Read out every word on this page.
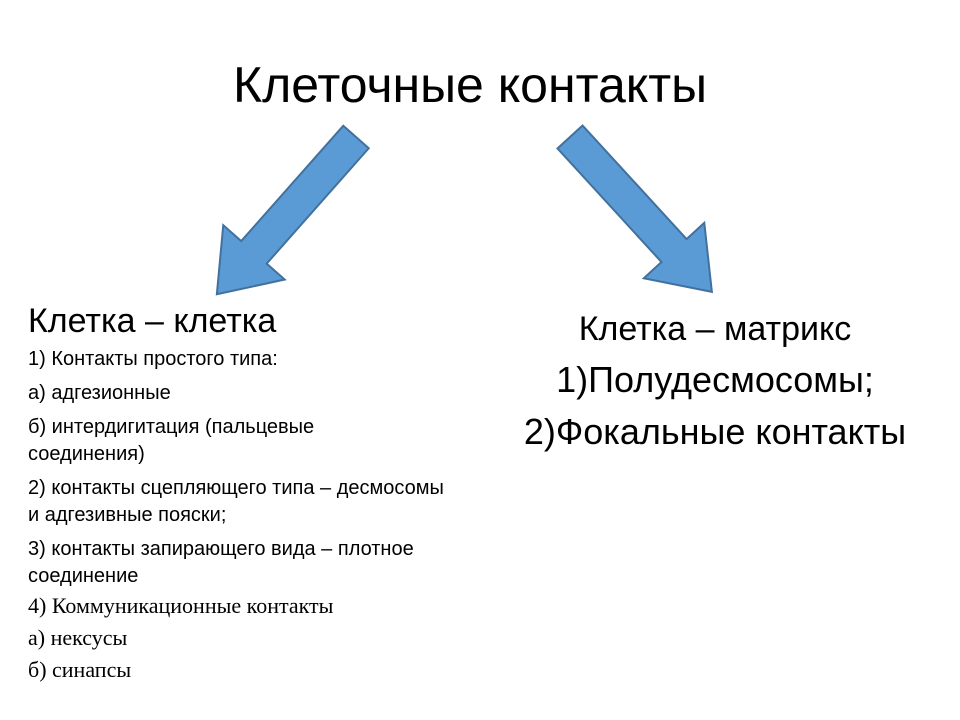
Клеточные контакты

Клетка – клетка

1) Контакты простого типа:

а) адгезионные

б) интердигитация (пальцевые соединения)

2) контакты сцепляющего типа – десмосомы и адгезивные пояски;

3) контакты запирающего вида – плотное соединение

4) Коммуникационные контакты

а) нексусы

б) синапсы

Клетка – матрикс

1)Полудесмосомы;

2)Фокальные контакты
